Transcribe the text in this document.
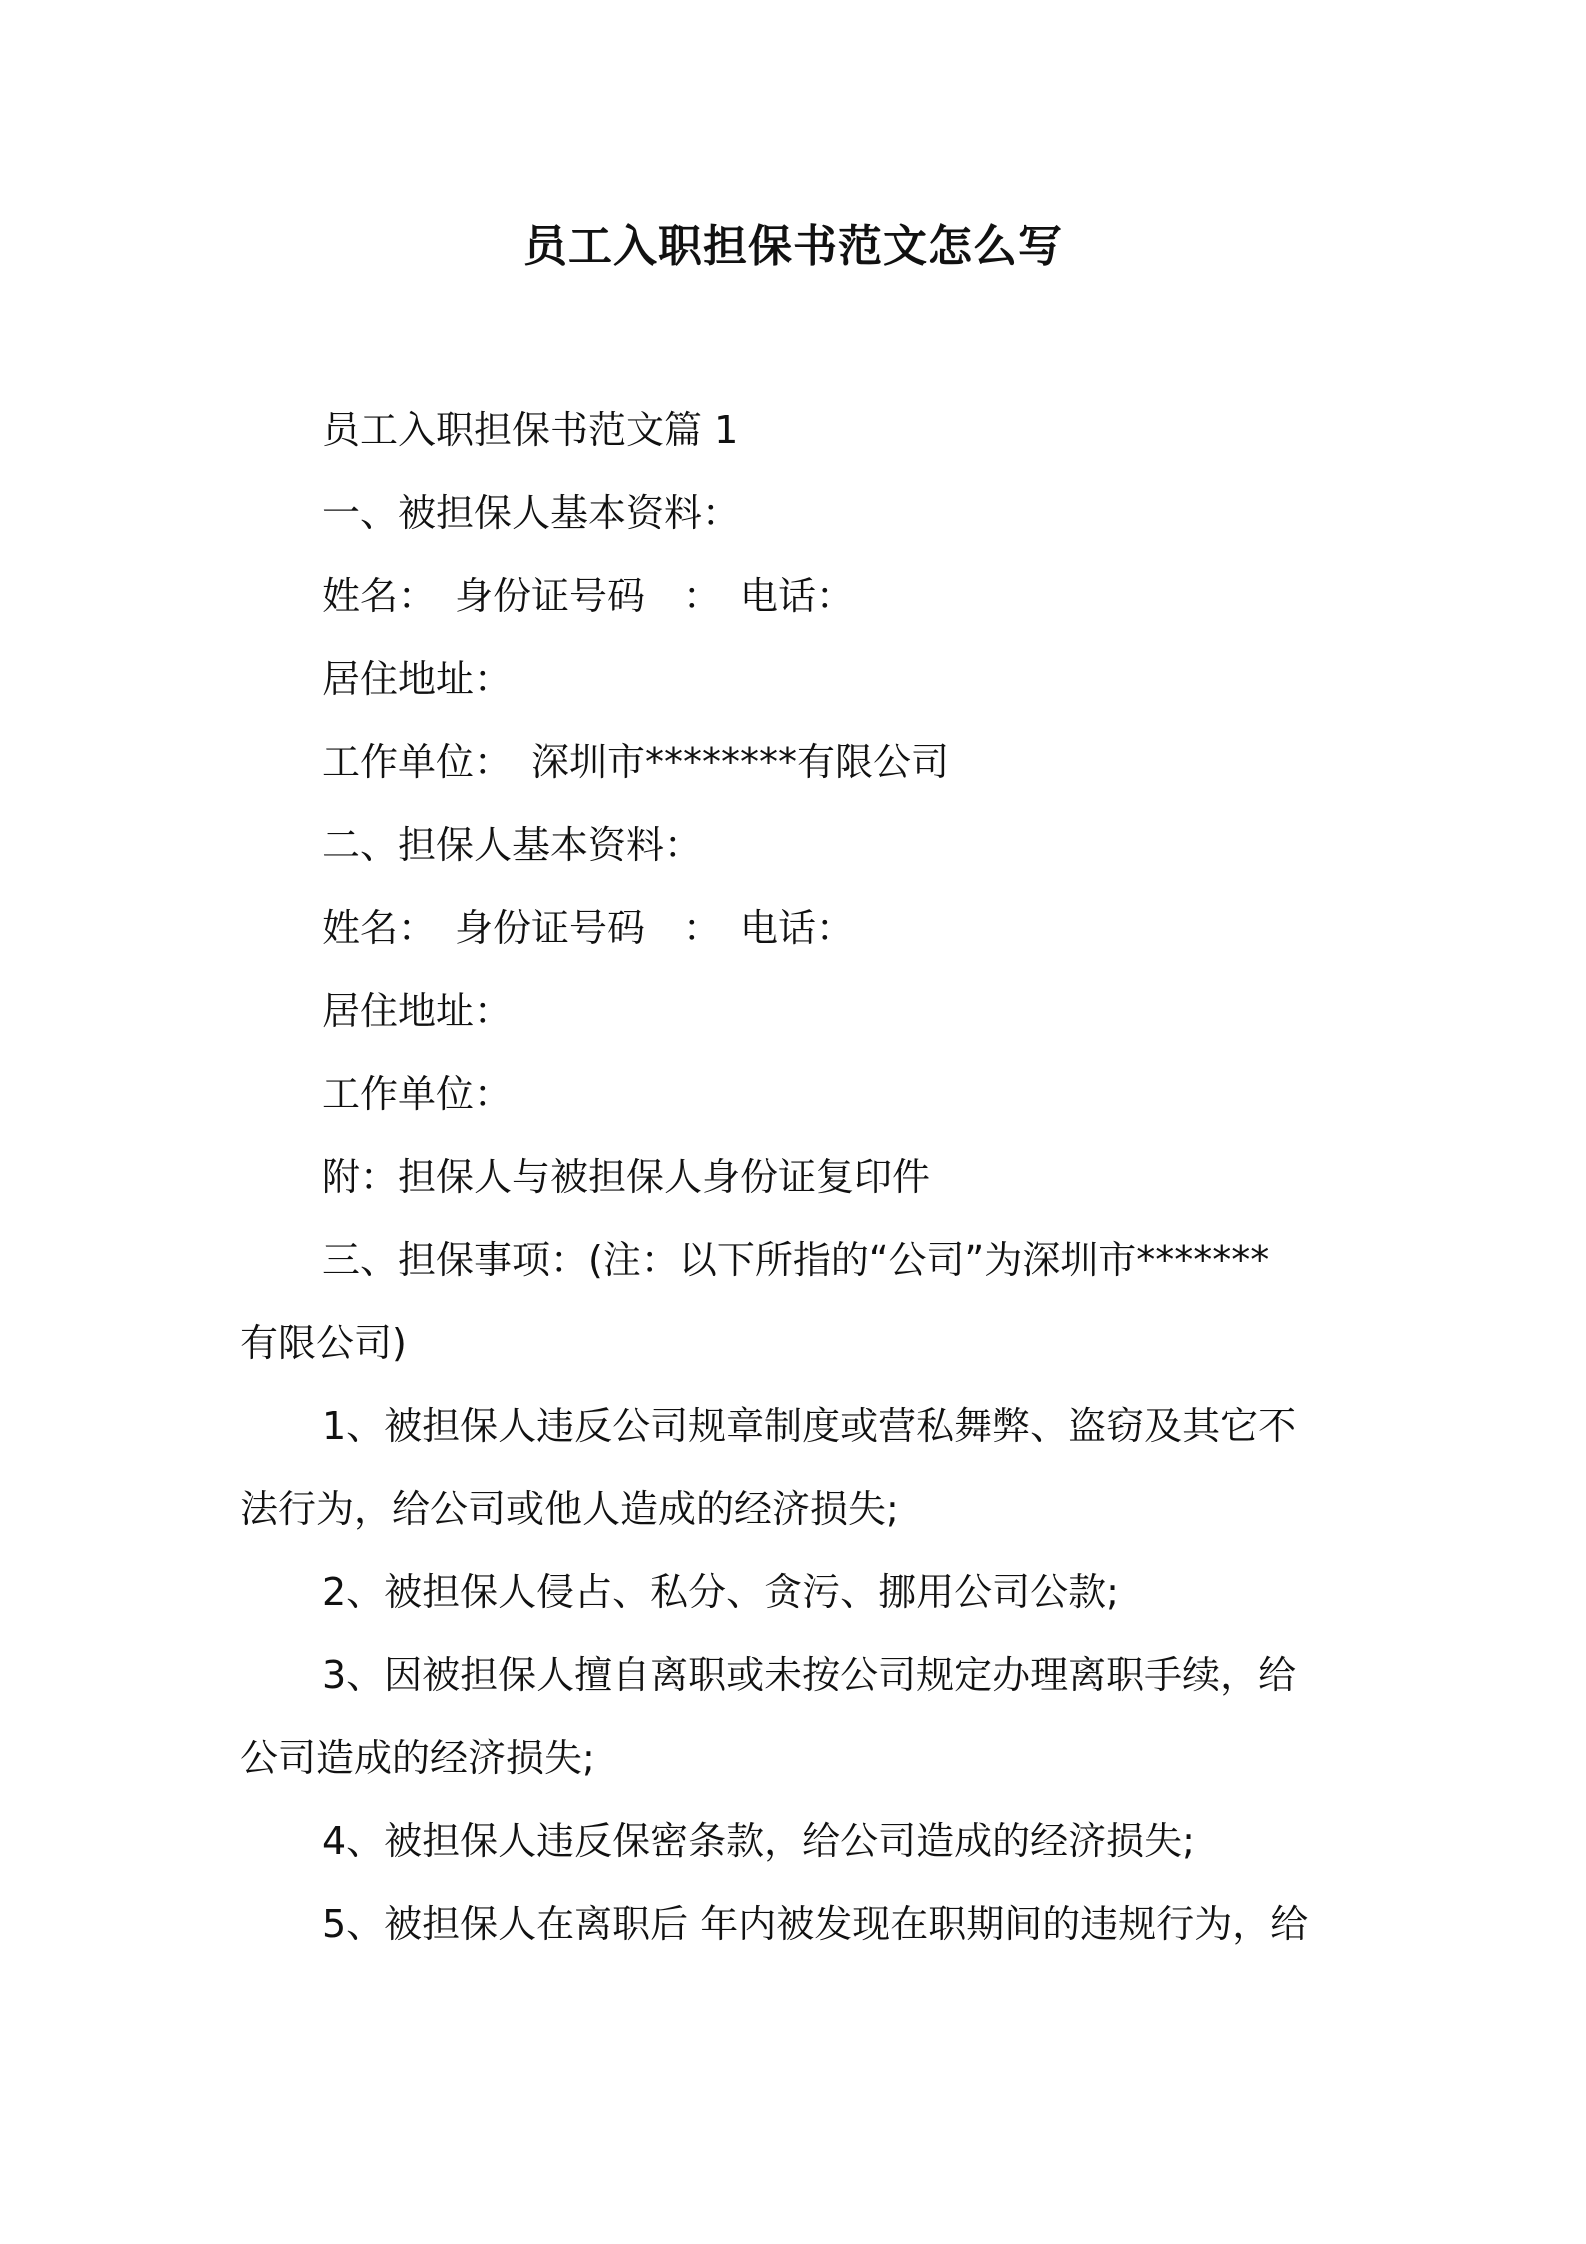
员工入职担保书范文怎么写

员工入职担保书范文篇 1

一、被担保人基本资料：

姓名：　身份证号码　：　电话：

居住地址：

工作单位：　深圳市********有限公司

二、担保人基本资料：

姓名：　身份证号码　：　电话：

居住地址：

工作单位：

附：担保人与被担保人身份证复印件

三、担保事项：(注：以下所指的“公司”为深圳市*******

有限公司)

1、被担保人违反公司规章制度或营私舞弊、盗窃及其它不

法行为，给公司或他人造成的经济损失;

2、被担保人侵占、私分、贪污、挪用公司公款;

3、因被担保人擅自离职或未按公司规定办理离职手续，给

公司造成的经济损失;

4、被担保人违反保密条款，给公司造成的经济损失;

5、被担保人在离职后 年内被发现在职期间的违规行为，给
